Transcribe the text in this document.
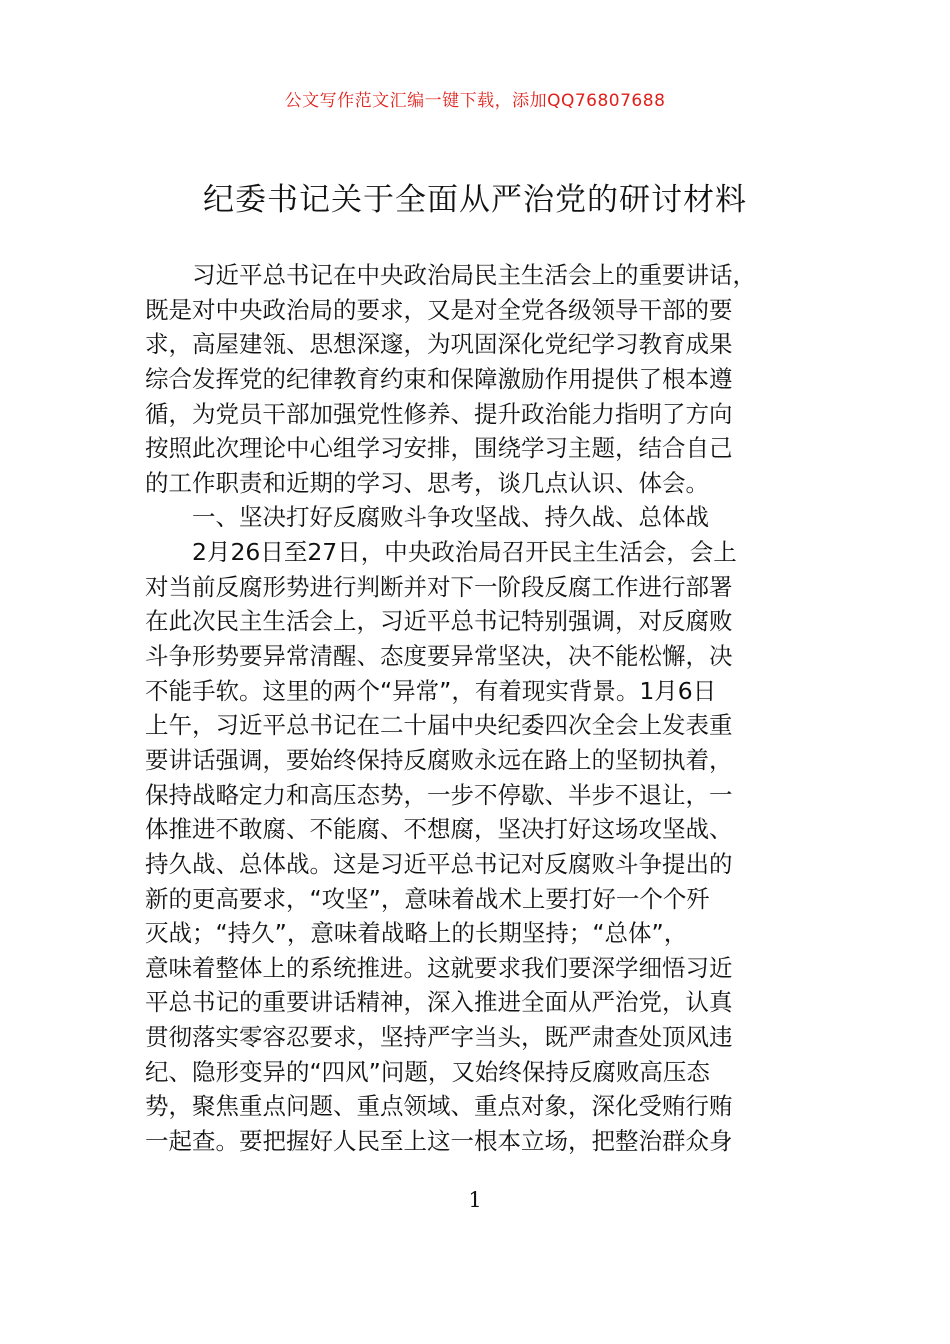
公文写作范文汇编一键下载，添加QQ76807688
纪委书记关于全面从严治党的研讨材料
习近平总书记在中央政治局民主生活会上的重要讲话，
既是对中央政治局的要求，又是对全党各级领导干部的要
求，高屋建瓴、思想深邃，为巩固深化党纪学习教育成果
综合发挥党的纪律教育约束和保障激励作用提供了根本遵
循，为党员干部加强党性修养、提升政治能力指明了方向
按照此次理论中心组学习安排，围绕学习主题，结合自己
的工作职责和近期的学习、思考，谈几点认识、体会。
一、坚决打好反腐败斗争攻坚战、持久战、总体战
2月26日至27日，中央政治局召开民主生活会，会上
对当前反腐形势进行判断并对下一阶段反腐工作进行部署
在此次民主生活会上，习近平总书记特别强调，对反腐败
斗争形势要异常清醒、态度要异常坚决，决不能松懈，决
不能手软。这里的两个“异常”，有着现实背景。1月6日
上午，习近平总书记在二十届中央纪委四次全会上发表重
要讲话强调，要始终保持反腐败永远在路上的坚韧执着，
保持战略定力和高压态势，一步不停歇、半步不退让，一
体推进不敢腐、不能腐、不想腐，坚决打好这场攻坚战、
持久战、总体战。这是习近平总书记对反腐败斗争提出的
新的更高要求，“攻坚”，意味着战术上要打好一个个歼
灭战；“持久”，意味着战略上的长期坚持；“总体”，
意味着整体上的系统推进。这就要求我们要深学细悟习近
平总书记的重要讲话精神，深入推进全面从严治党，认真
贯彻落实零容忍要求，坚持严字当头，既严肃查处顶风违
纪、隐形变异的“四风”问题，又始终保持反腐败高压态
势，聚焦重点问题、重点领域、重点对象，深化受贿行贿
一起查。要把握好人民至上这一根本立场，把整治群众身
1
